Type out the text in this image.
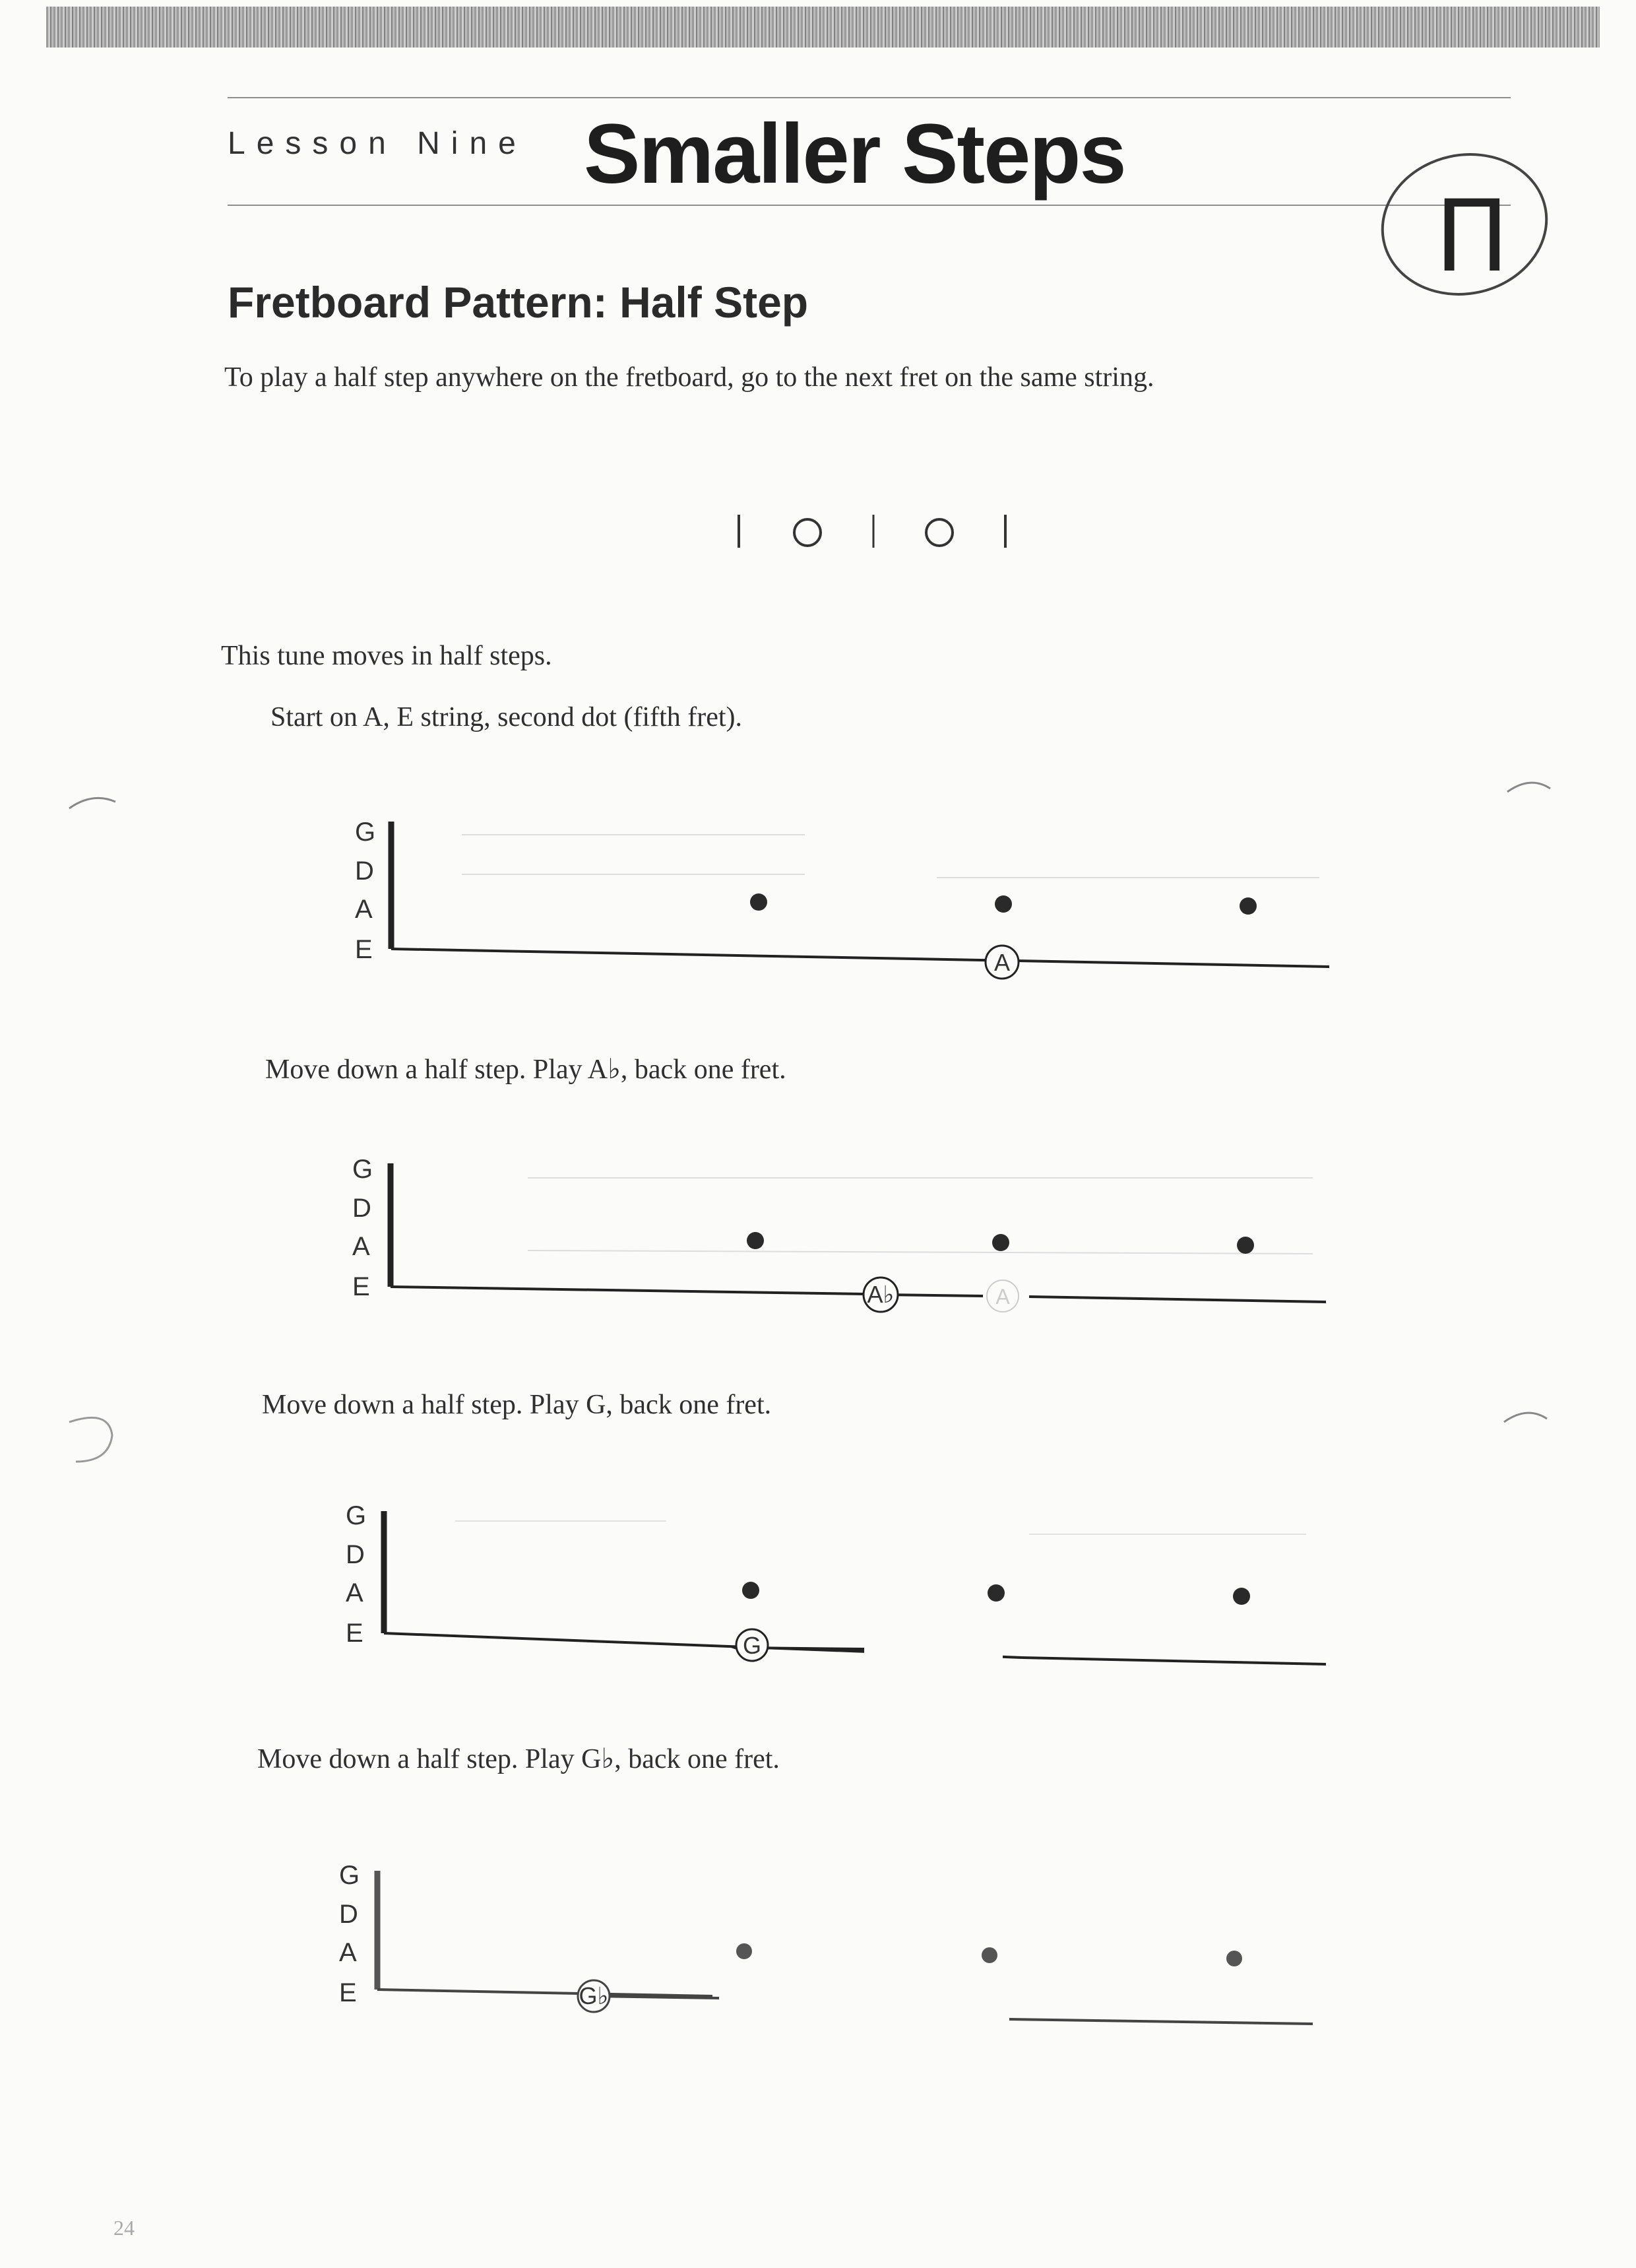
Lesson Nine Smaller Steps
Π
Fretboard Pattern: Half Step
To play a half step anywhere on the fretboard, go to the next fret on the same string.
This tune moves in half steps.
Start on A, E string, second dot (fifth fret).
G
D
A
E	A
Move down a half step. Play A♭, back one fret.
G
D
A
E	A
A♭
Move down a half step. Play G, back one fret.
G
D
A
E	G
Move down a half step. Play G♭, back one fret.
G
D
A
E	G♭
24
